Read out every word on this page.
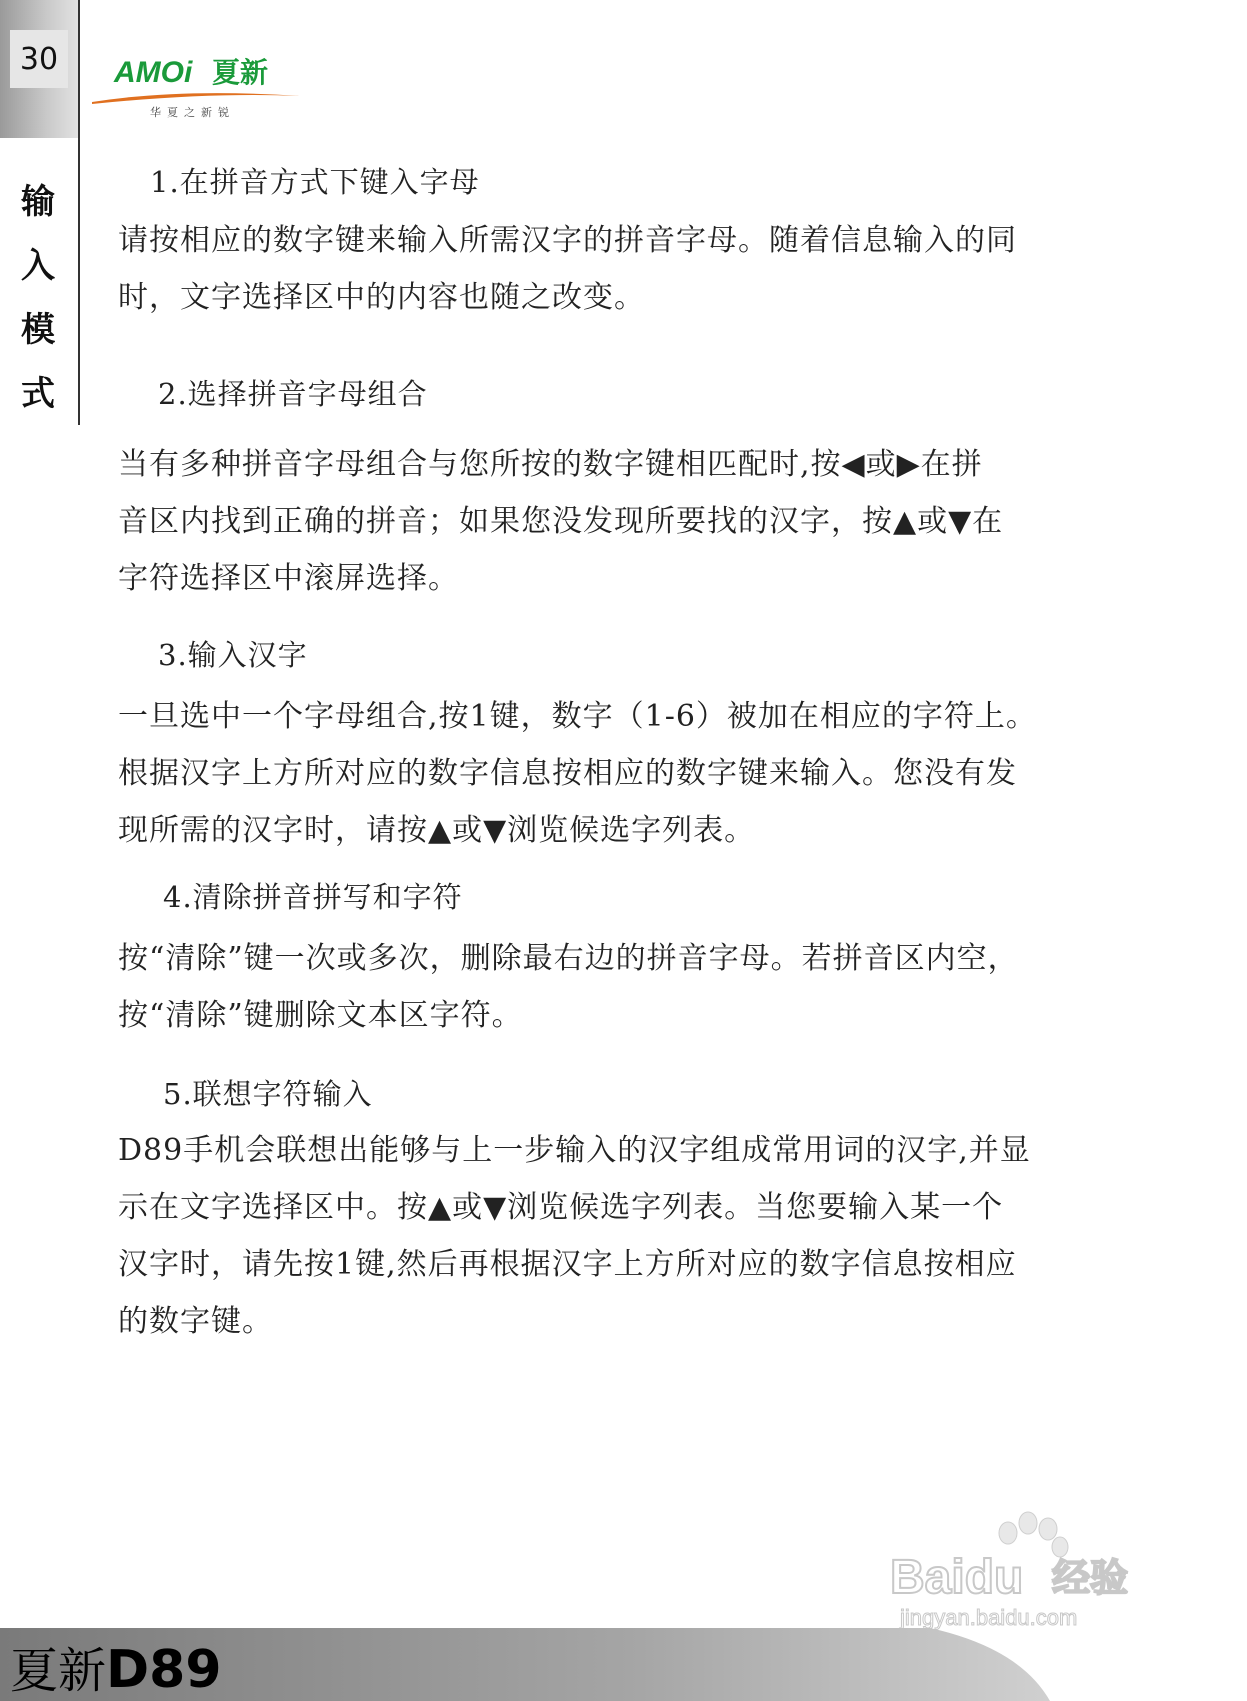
30
输
入
模
式
AMOi 夏新
华夏之新锐
1.在拼音方式下键入字母
请按相应的数字键来输入所需汉字的拼音字母。随着信息输入的同
时，文字选择区中的内容也随之改变。
2.选择拼音字母组合
当有多种拼音字母组合与您所按的数字键相匹配时,按◀或▶在拼
音区内找到正确的拼音；如果您没发现所要找的汉字，按▲或▼在
字符选择区中滚屏选择。
3.输入汉字
一旦选中一个字母组合,按1键，数字（1-6）被加在相应的字符上。
根据汉字上方所对应的数字信息按相应的数字键来输入。您没有发
现所需的汉字时，请按▲或▼浏览候选字列表。
4.清除拼音拼写和字符
按“清除”键一次或多次，删除最右边的拼音字母。若拼音区内空，
按“清除”键删除文本区字符。
5.联想字符输入
D89手机会联想出能够与上一步输入的汉字组成常用词的汉字,并显
示在文字选择区中。按▲或▼浏览候选字列表。当您要输入某一个
汉字时，请先按1键,然后再根据汉字上方所对应的数字信息按相应
的数字键。
Baidu 经验
jingyan.baidu.com
夏新D89
